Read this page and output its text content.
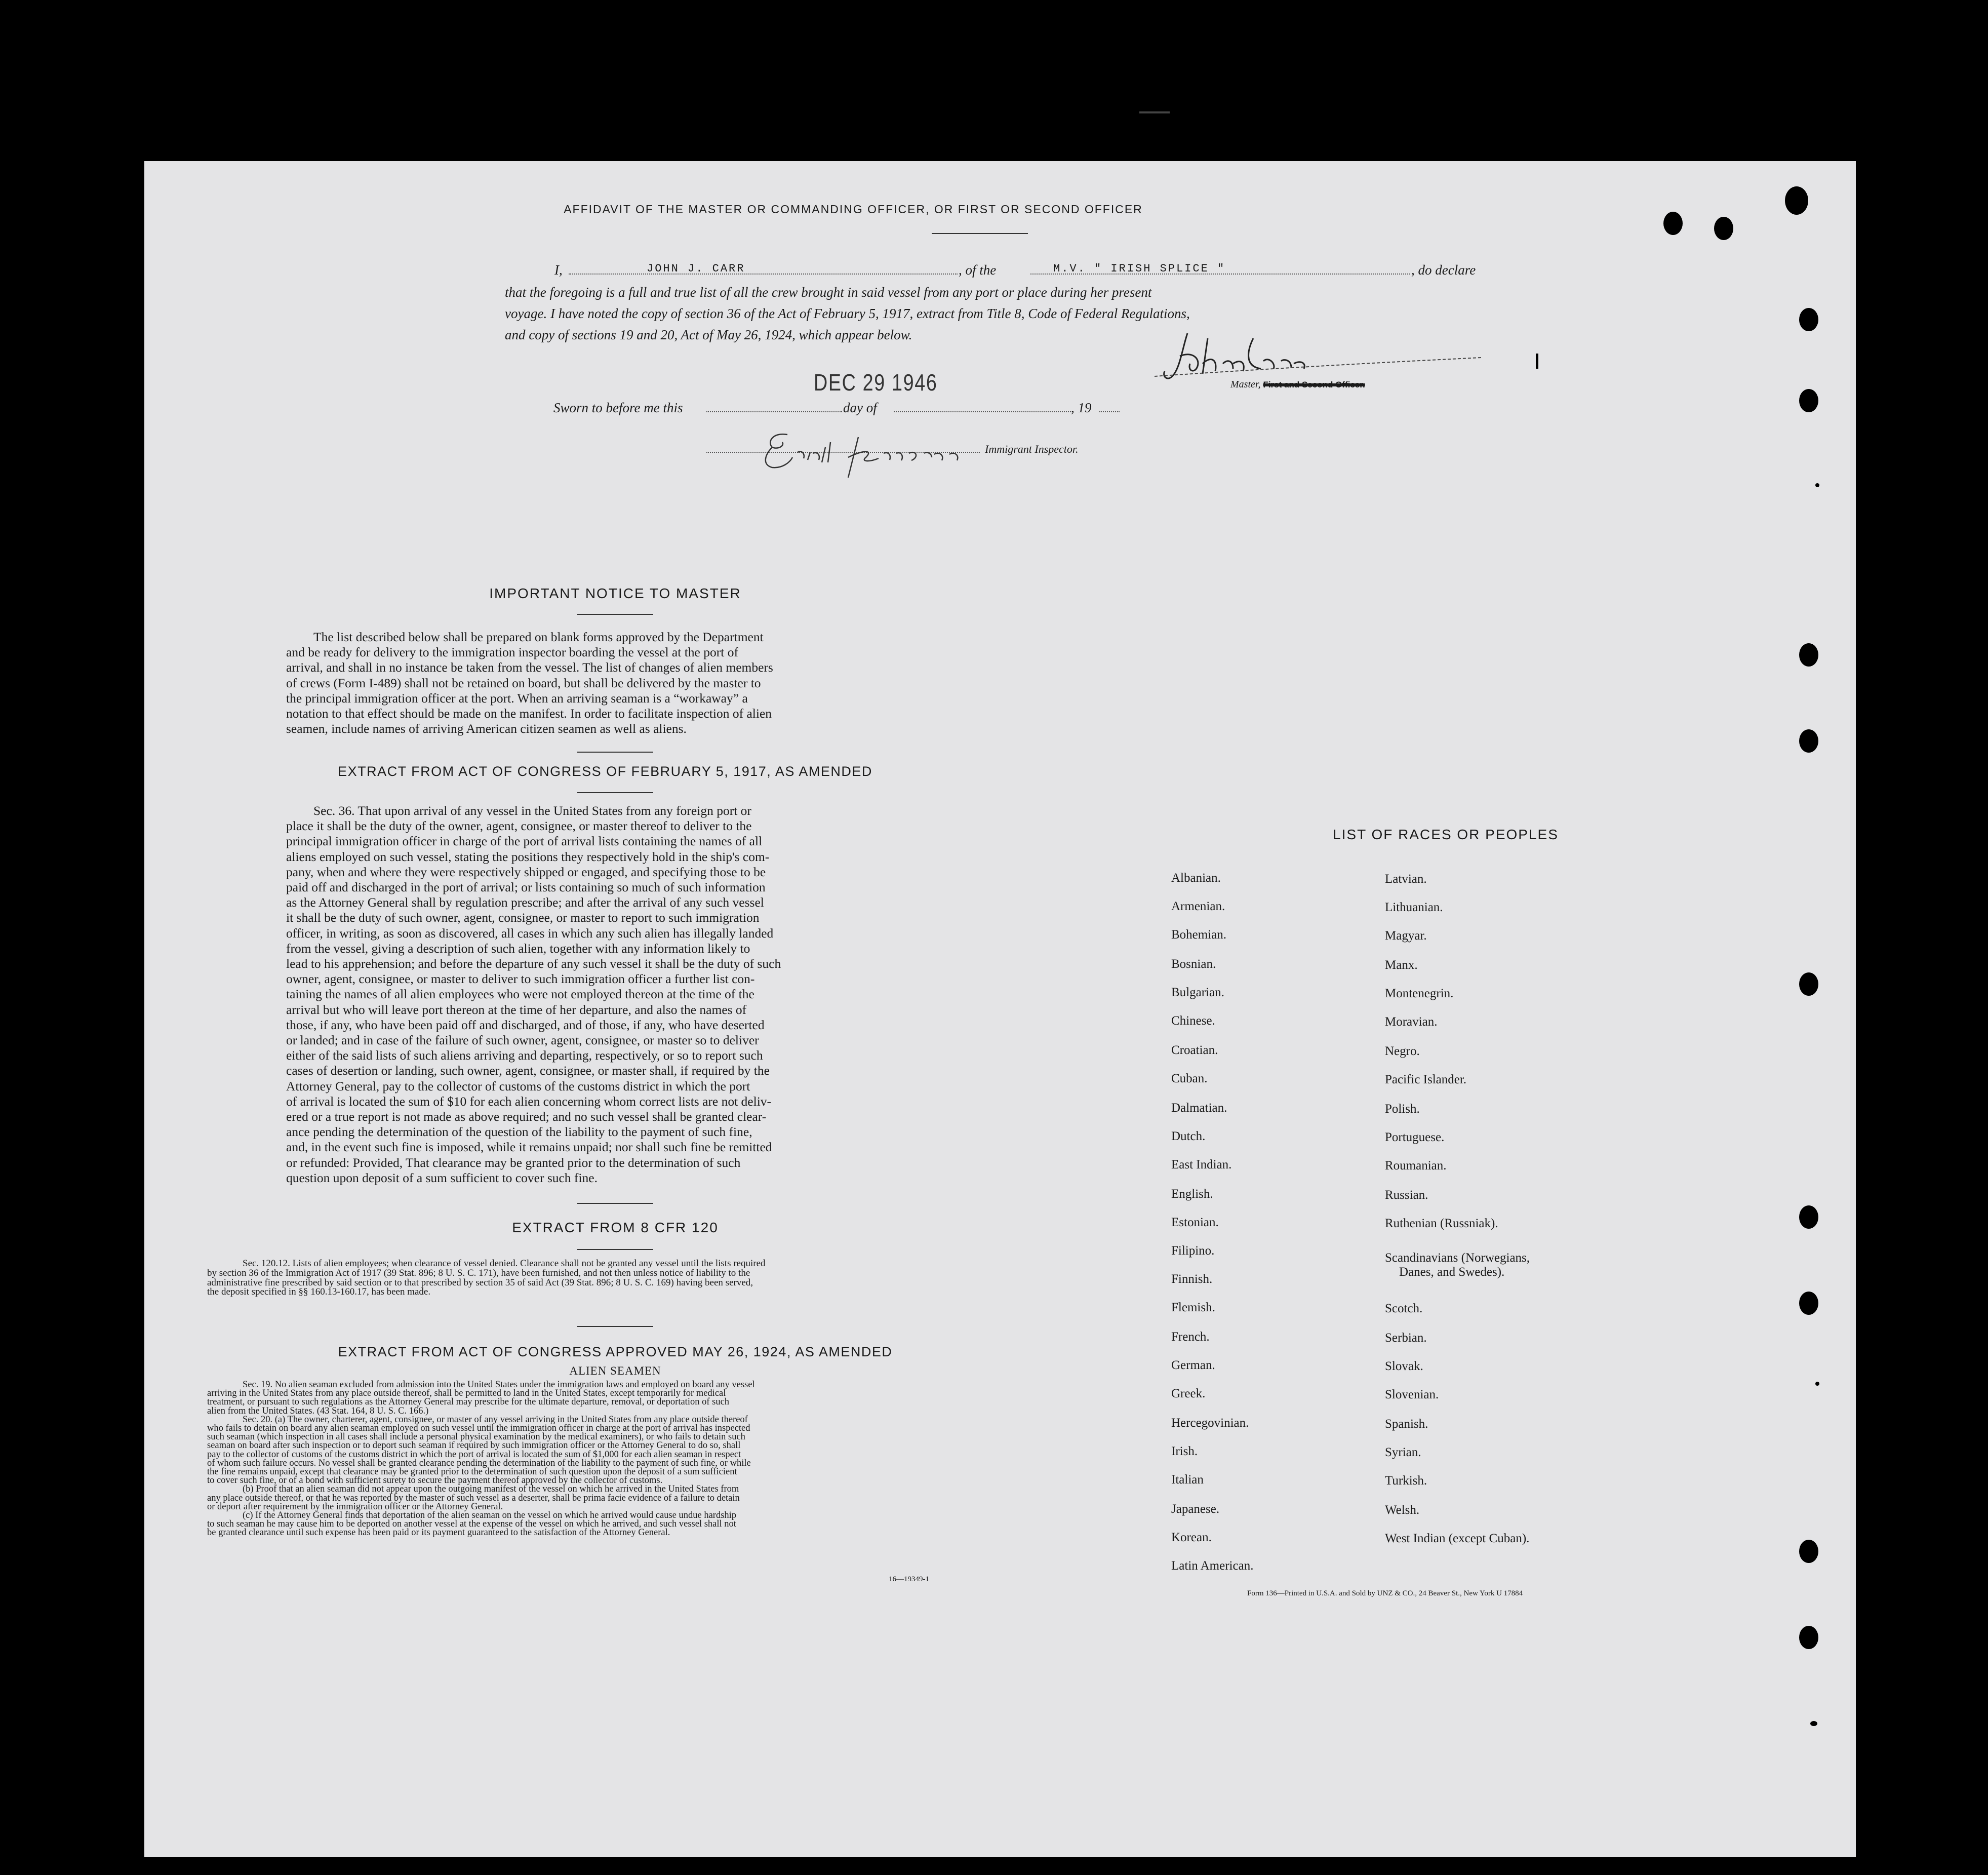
AFFIDAVIT OF THE MASTER OR COMMANDING OFFICER, OR FIRST OR SECOND OFFICER
I,	JOHN J. CARR	, of the	M.V. " IRISH SPLICE "	, do declare
that the foregoing is a full and true list of all the crew brought in said vessel from any port or place during her present
voyage. I have noted the copy of section 36 of the Act of February 5, 1917, extract from Title 8, Code of Federal Regulations,
and copy of sections 19 and 20, Act of May 26, 1924, which appear below.
Master, First and Second Officer.
DEC 29 1946
Sworn to before me this	day of	, 19
Immigrant Inspector.
IMPORTANT NOTICE TO MASTER
The list described below shall be prepared on blank forms approved by the Department
and be ready for delivery to the immigration inspector boarding the vessel at the port of
arrival, and shall in no instance be taken from the vessel. The list of changes of alien members
of crews (Form I-489) shall not be retained on board, but shall be delivered by the master to
the principal immigration officer at the port. When an arriving seaman is a “workaway” a
notation to that effect should be made on the manifest. In order to facilitate inspection of alien
seamen, include names of arriving American citizen seamen as well as aliens.
EXTRACT FROM ACT OF CONGRESS OF FEBRUARY 5, 1917, AS AMENDED
Sec. 36. That upon arrival of any vessel in the United States from any foreign port or
place it shall be the duty of the owner, agent, consignee, or master thereof to deliver to the
principal immigration officer in charge of the port of arrival lists containing the names of all
aliens employed on such vessel, stating the positions they respectively hold in the ship's com-
pany, when and where they were respectively shipped or engaged, and specifying those to be
paid off and discharged in the port of arrival; or lists containing so much of such information
as the Attorney General shall by regulation prescribe; and after the arrival of any such vessel
it shall be the duty of such owner, agent, consignee, or master to report to such immigration
officer, in writing, as soon as discovered, all cases in which any such alien has illegally landed
from the vessel, giving a description of such alien, together with any information likely to
lead to his apprehension; and before the departure of any such vessel it shall be the duty of such
owner, agent, consignee, or master to deliver to such immigration officer a further list con-
taining the names of all alien employees who were not employed thereon at the time of the
arrival but who will leave port thereon at the time of her departure, and also the names of
those, if any, who have been paid off and discharged, and of those, if any, who have deserted
or landed; and in case of the failure of such owner, agent, consignee, or master so to deliver
either of the said lists of such aliens arriving and departing, respectively, or so to report such
cases of desertion or landing, such owner, agent, consignee, or master shall, if required by the
Attorney General, pay to the collector of customs of the customs district in which the port
of arrival is located the sum of $10 for each alien concerning whom correct lists are not deliv-
ered or a true report is not made as above required; and no such vessel shall be granted clear-
ance pending the determination of the question of the liability to the payment of such fine,
and, in the event such fine is imposed, while it remains unpaid; nor shall such fine be remitted
or refunded: Provided, That clearance may be granted prior to the determination of such
question upon deposit of a sum sufficient to cover such fine.
EXTRACT FROM 8 CFR 120
Sec. 120.12. Lists of alien employees; when clearance of vessel denied. Clearance shall not be granted any vessel until the lists required
by section 36 of the Immigration Act of 1917 (39 Stat. 896; 8 U. S. C. 171), have been furnished, and not then unless notice of liability to the
administrative fine prescribed by said section or to that prescribed by section 35 of said Act (39 Stat. 896; 8 U. S. C. 169) having been served,
the deposit specified in §§ 160.13-160.17, has been made.
EXTRACT FROM ACT OF CONGRESS APPROVED MAY 26, 1924, AS AMENDED
ALIEN SEAMEN
Sec. 19. No alien seaman excluded from admission into the United States under the immigration laws and employed on board any vessel
arriving in the United States from any place outside thereof, shall be permitted to land in the United States, except temporarily for medical
treatment, or pursuant to such regulations as the Attorney General may prescribe for the ultimate departure, removal, or deportation of such
alien from the United States. (43 Stat. 164, 8 U. S. C. 166.)
Sec. 20. (a) The owner, charterer, agent, consignee, or master of any vessel arriving in the United States from any place outside thereof
who fails to detain on board any alien seaman employed on such vessel until the immigration officer in charge at the port of arrival has inspected
such seaman (which inspection in all cases shall include a personal physical examination by the medical examiners), or who fails to detain such
seaman on board after such inspection or to deport such seaman if required by such immigration officer or the Attorney General to do so, shall
pay to the collector of customs of the customs district in which the port of arrival is located the sum of $1,000 for each alien seaman in respect
of whom such failure occurs. No vessel shall be granted clearance pending the determination of the liability to the payment of such fine, or while
the fine remains unpaid, except that clearance may be granted prior to the determination of such question upon the deposit of a sum sufficient
to cover such fine, or of a bond with sufficient surety to secure the payment thereof approved by the collector of customs.
(b) Proof that an alien seaman did not appear upon the outgoing manifest of the vessel on which he arrived in the United States from
any place outside thereof, or that he was reported by the master of such vessel as a deserter, shall be prima facie evidence of a failure to detain
or deport after requirement by the immigration officer or the Attorney General.
(c) If the Attorney General finds that deportation of the alien seaman on the vessel on which he arrived would cause undue hardship
to such seaman he may cause him to be deported on another vessel at the expense of the vessel on which he arrived, and such vessel shall not
be granted clearance until such expense has been paid or its payment guaranteed to the satisfaction of the Attorney General.
16—19349-1
LIST OF RACES OR PEOPLES
Albanian.
Armenian.
Bohemian.
Bosnian.
Bulgarian.
Chinese.
Croatian.
Cuban.
Dalmatian.
Dutch.
East Indian.
English.
Estonian.
Filipino.
Finnish.
Flemish.
French.
German.
Greek.
Hercegovinian.
Irish.
Italian
Japanese.
Korean.
Latin American.
Latvian.
Lithuanian.
Magyar.
Manx.
Montenegrin.
Moravian.
Negro.
Pacific Islander.
Polish.
Portuguese.
Roumanian.
Russian.
Ruthenian (Russniak).
Scandinavians (Norwegians,
Danes, and Swedes).
Scotch.
Serbian.
Slovak.
Slovenian.
Spanish.
Syrian.
Turkish.
Welsh.
West Indian (except Cuban).
Form 136—Printed in U.S.A. and Sold by UNZ & CO., 24 Beaver St., New York U 17884
